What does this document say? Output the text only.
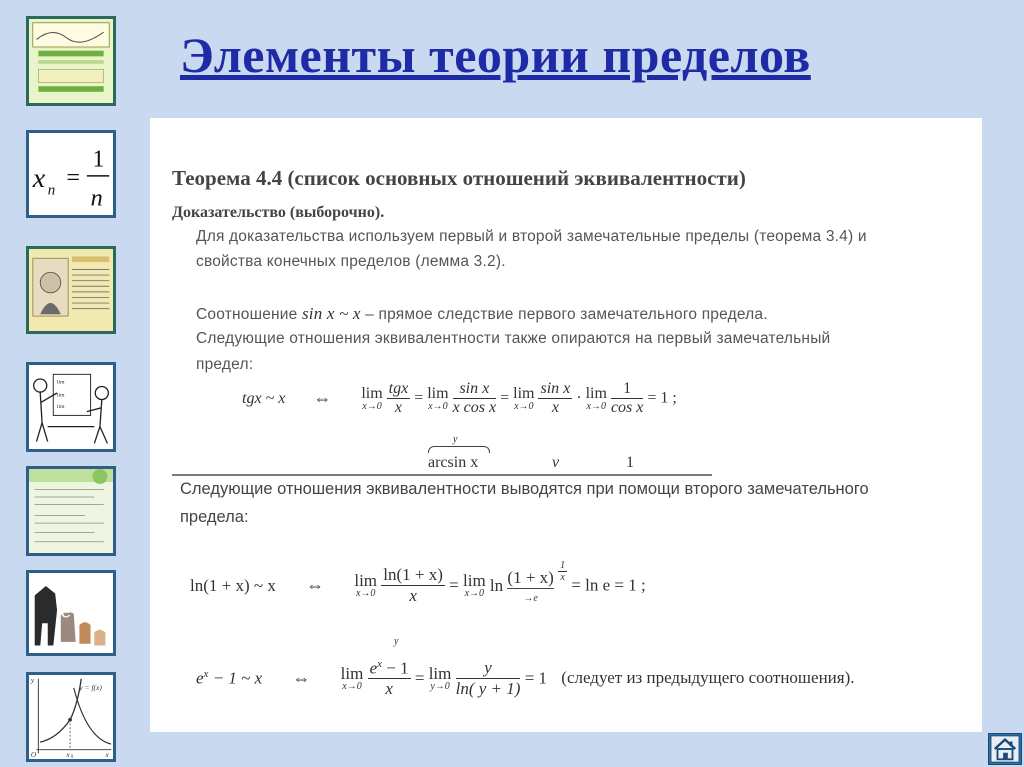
Элементы теории пределов
x n =
1
n
lim
lim
lim
e
y = f(x)
y
O	x 0	x
Теорема 4.4 (список основных отношений эквивалентности)
Доказательство (выборочно).
Для доказательства используем первый и второй замечательные пределы (теорема 3.4) и
свойства конечных пределов (лемма 3.2).
Соотношение sin x ~ x – прямое следствие первого замечательного предела.
Следующие отношения эквивалентности также опираются на первый замечательный
предел:
tgx ~ x ⇔ lim
x→0
$\frac{\text{tgx}}{x} = \lim$
x→0
$\frac{\text{sin x}}{\text{x cos x}} = \lim$
x→0
$\frac{\text{sin x}}{x} \cdot \lim$
x→0
$\frac{1}{\text{cos x}} = 1$ ;
y
arcsin x	v	1
Следующие отношения эквивалентности выводятся при помощи второго замечательного
предела:
ln(1 + x) ~ x ⇔ lim
x→0
$\frac{\ln(1 + x)}{x} = \lim$
x→0 ln (1 + x)
→e

$\frac{1}{x}$
= ln e = 1 ;
y
$e^x - 1$ ~ x ⇔ lim
x→0
$\frac{e^x - 1}{x} = \lim$
y→0
$\frac{y}{\ln( y + 1)} = 1$ (следует из предыдущего соотношения).
